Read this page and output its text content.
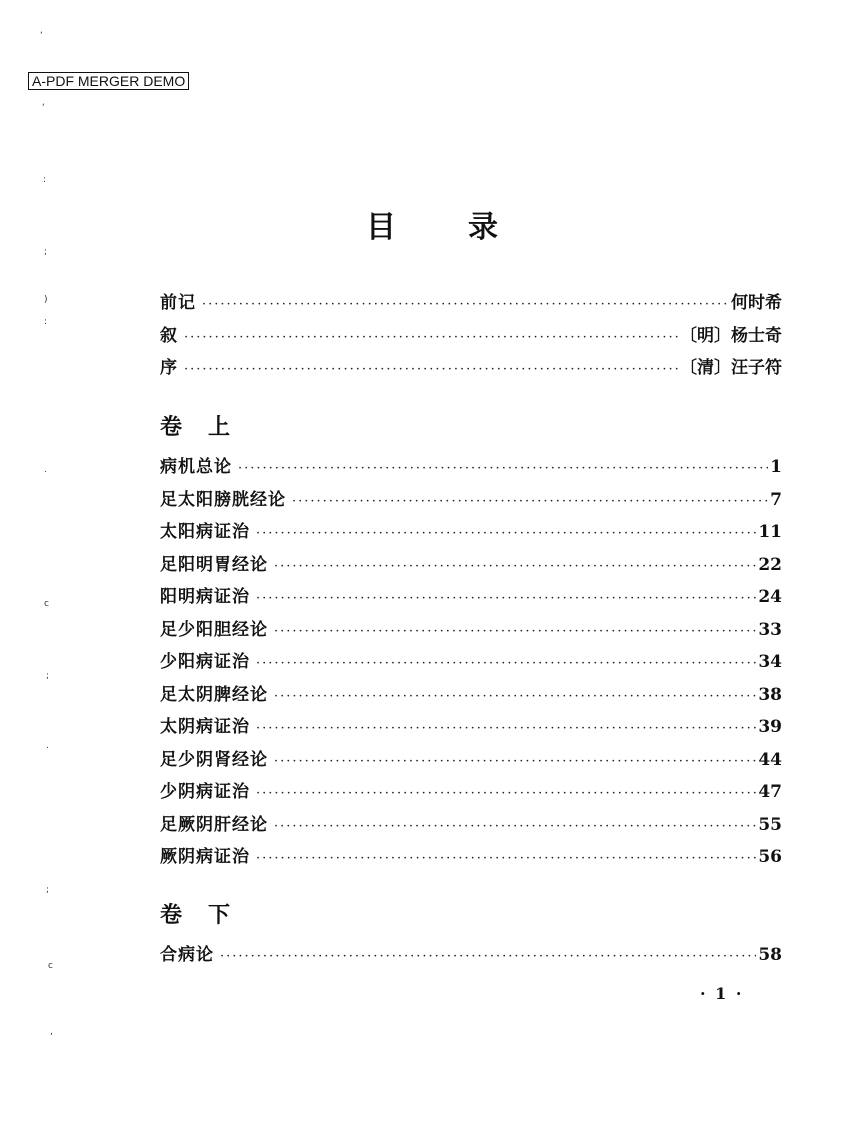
A-PDF MERGER DEMO
‘
‘
:
;
)
:
.
c
;
.
;
c
,
目 录
前记 ·····	何时希
叙 ·····	〔明〕杨士奇
序 ·····	〔清〕汪子符
卷 上
病机总论 ·····	1
足太阳膀胱经论 ·····	7
太阳病证治 ·····	11
足阳明胃经论 ·····	22
阳明病证治 ·····	24
足少阳胆经论 ·····	33
少阳病证治 ·····	34
足太阴脾经论 ·····	38
太阴病证治 ·····	39
足少阴肾经论 ·····	44
少阴病证治 ·····	47
足厥阴肝经论 ·····	55
厥阴病证治 ·····	56
卷 下
合病论 ·····	58
· 1 ·
